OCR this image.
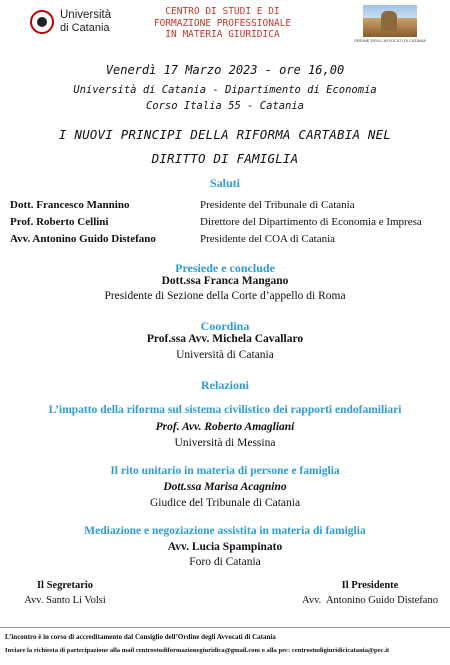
Università
di Catania
CENTRO DI STUDI E DI
FORMAZIONE PROFESSIONALE
IN MATERIA GIURIDICA
ORDINE DEGLI AVVOCATI DI CATANIA
Venerdì 17 Marzo 2023 - ore 16,00
Università di Catania - Dipartimento di Economia
Corso Italia 55 - Catania
I NUOVI PRINCIPI DELLA RIFORMA CARTABIA NEL
DIRITTO DI FAMIGLIA
Saluti
Dott. Francesco Mannino	Presidente del Tribunale di Catania
Prof. Roberto Cellini	Direttore del Dipartimento di Economia e Impresa
Avv. Antonino Guido Distefano	Presidente del COA di Catania
Presiede e conclude
Dott.ssa Franca Mangano
Presidente di Sezione della Corte d’appello di Roma
Coordina
Prof.ssa Avv. Michela Cavallaro
Università di Catania
Relazioni
L’impatto della riforma sul sistema civilistico dei rapporti endofamiliari
Prof. Avv. Roberto Amagliani
Università di Messina
Il rito unitario in materia di persone e famiglia
Dott.ssa Marisa Acagnino
Giudice del Tribunale di Catania
Mediazione e negoziazione assistita in materia di famiglia
Avv. Lucia Spampinato
Foro di Catania
Il Segretario
Avv. Santo Li Volsi
Il Presidente
Avv.  Antonino Guido Distefano
L’incontro è in corso di accreditamento dal Consiglio dell’Ordine degli Avvocati di Catania
Inviare la richiesta di partecipazione alla mail centrostudiformazionegiuridica@gmail.com o alla pec: centrostudigiuridicicatania@pec.it
